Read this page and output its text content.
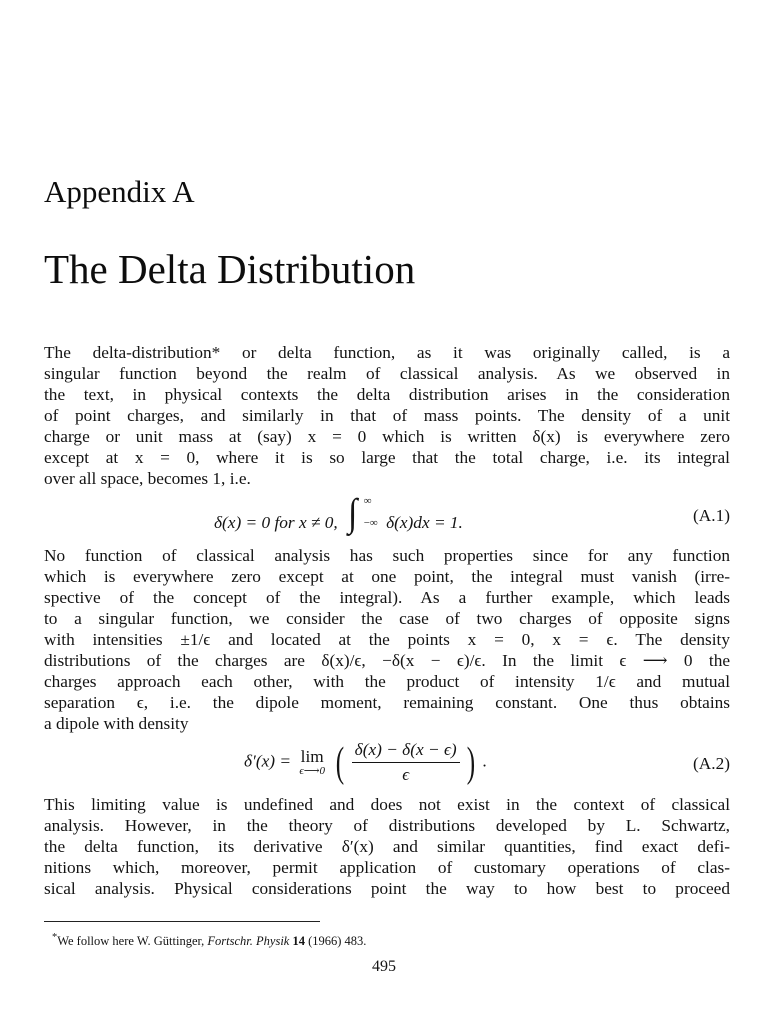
Appendix A
The Delta Distribution
The delta-distribution* or delta function, as it was originally called, is a
singular function beyond the realm of classical analysis. As we observed in
the text, in physical contexts the delta distribution arises in the consideration
of point charges, and similarly in that of mass points. The density of a unit
charge or unit mass at (say) x = 0 which is written δ(x) is everywhere zero
except at x = 0, where it is so large that the total charge, i.e. its integral
over all space, becomes 1, i.e.
δ(x) = 0 for x ≠ 0, ∫ ∞
−∞ δ(x)dx = 1.	(A.1)
No function of classical analysis has such properties since for any function
which is everywhere zero except at one point, the integral must vanish (irre-
spective of the concept of the integral). As a further example, which leads
to a singular function, we consider the case of two charges of opposite signs
with intensities ±1/ϵ and located at the points x = 0, x = ϵ. The density
distributions of the charges are δ(x)/ϵ, −δ(x − ϵ)/ϵ. In the limit ϵ ⟶ 0 the
charges approach each other, with the product of intensity 1/ϵ and mutual
separation ϵ, i.e. the dipole moment, remaining constant. One thus obtains
a dipole with density
δ′(x) = lim
ϵ⟶0 ( $\frac{\delta(x) - \delta(x - \epsilon)}{\epsilon}$ ) .	(A.2)
This limiting value is undefined and does not exist in the context of classical
analysis. However, in the theory of distributions developed by L. Schwartz,
the delta function, its derivative δ′(x) and similar quantities, find exact defi-
nitions which, moreover, permit application of customary operations of clas-
sical analysis. Physical considerations point the way to how best to proceed
*We follow here W. Güttinger, Fortschr. Physik 14 (1966) 483.
495
